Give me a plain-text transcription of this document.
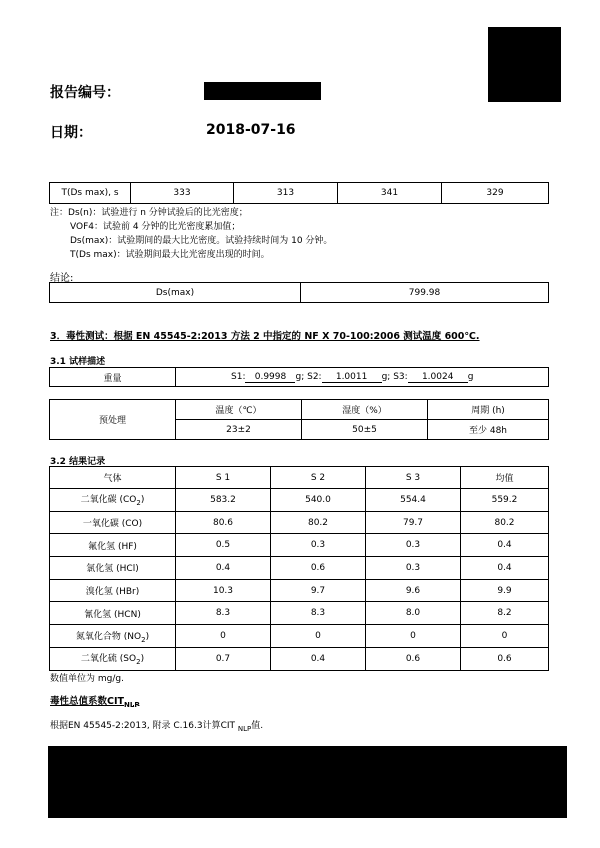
报告编号：
日期：	2018-07-16
T(Ds max), s	333	313	341	329
注：Ds(n)：试验进行 n 分钟试验后的比光密度；
VOF4：试验前 4 分钟的比光密度累加值；
Ds(max)：试验期间的最大比光密度。试验持续时间为 10 分钟。
T(Ds max)：试验期间最大比光密度出现的时间。
结论:
Ds(max)	799.98
3．毒性测试：根据 EN 45545-2:2013 方法 2 中指定的 NF X 70-100:2006 测试温度 600℃.
3.1 试样描述
重量	S1: 0.9998 g; S2: 1.0011 g; S3: 1.0024 g
预处理	温度（℃）	湿度（%）	周期 (h)
	23±2	50±5	至少 48h
3.2 结果记录
气体	S 1	S 2	S 3	均值
二氧化碳 $(CO_2)$	583.2	540.0	554.4	559.2
一氧化碳 (CO)	80.6	80.2	79.7	80.2
氟化氢 (HF)	0.5	0.3	0.3	0.4
氯化氢 (HCl)	0.4	0.6	0.3	0.4
溴化氢 (HBr)	10.3	9.7	9.6	9.9
氰化氢 (HCN)	8.3	8.3	8.0	8.2
氮氧化合物 $(NO_2)$	0	0	0	0
二氧化硫 $(SO_2)$	0.7	0.4	0.6	0.6
数值单位为 mg/g.
毒性总值系数$CIT_{NLP}$
根据EN 45545-2:2013, 附录 C.16.3计算CIT $_{NLP}$值.
